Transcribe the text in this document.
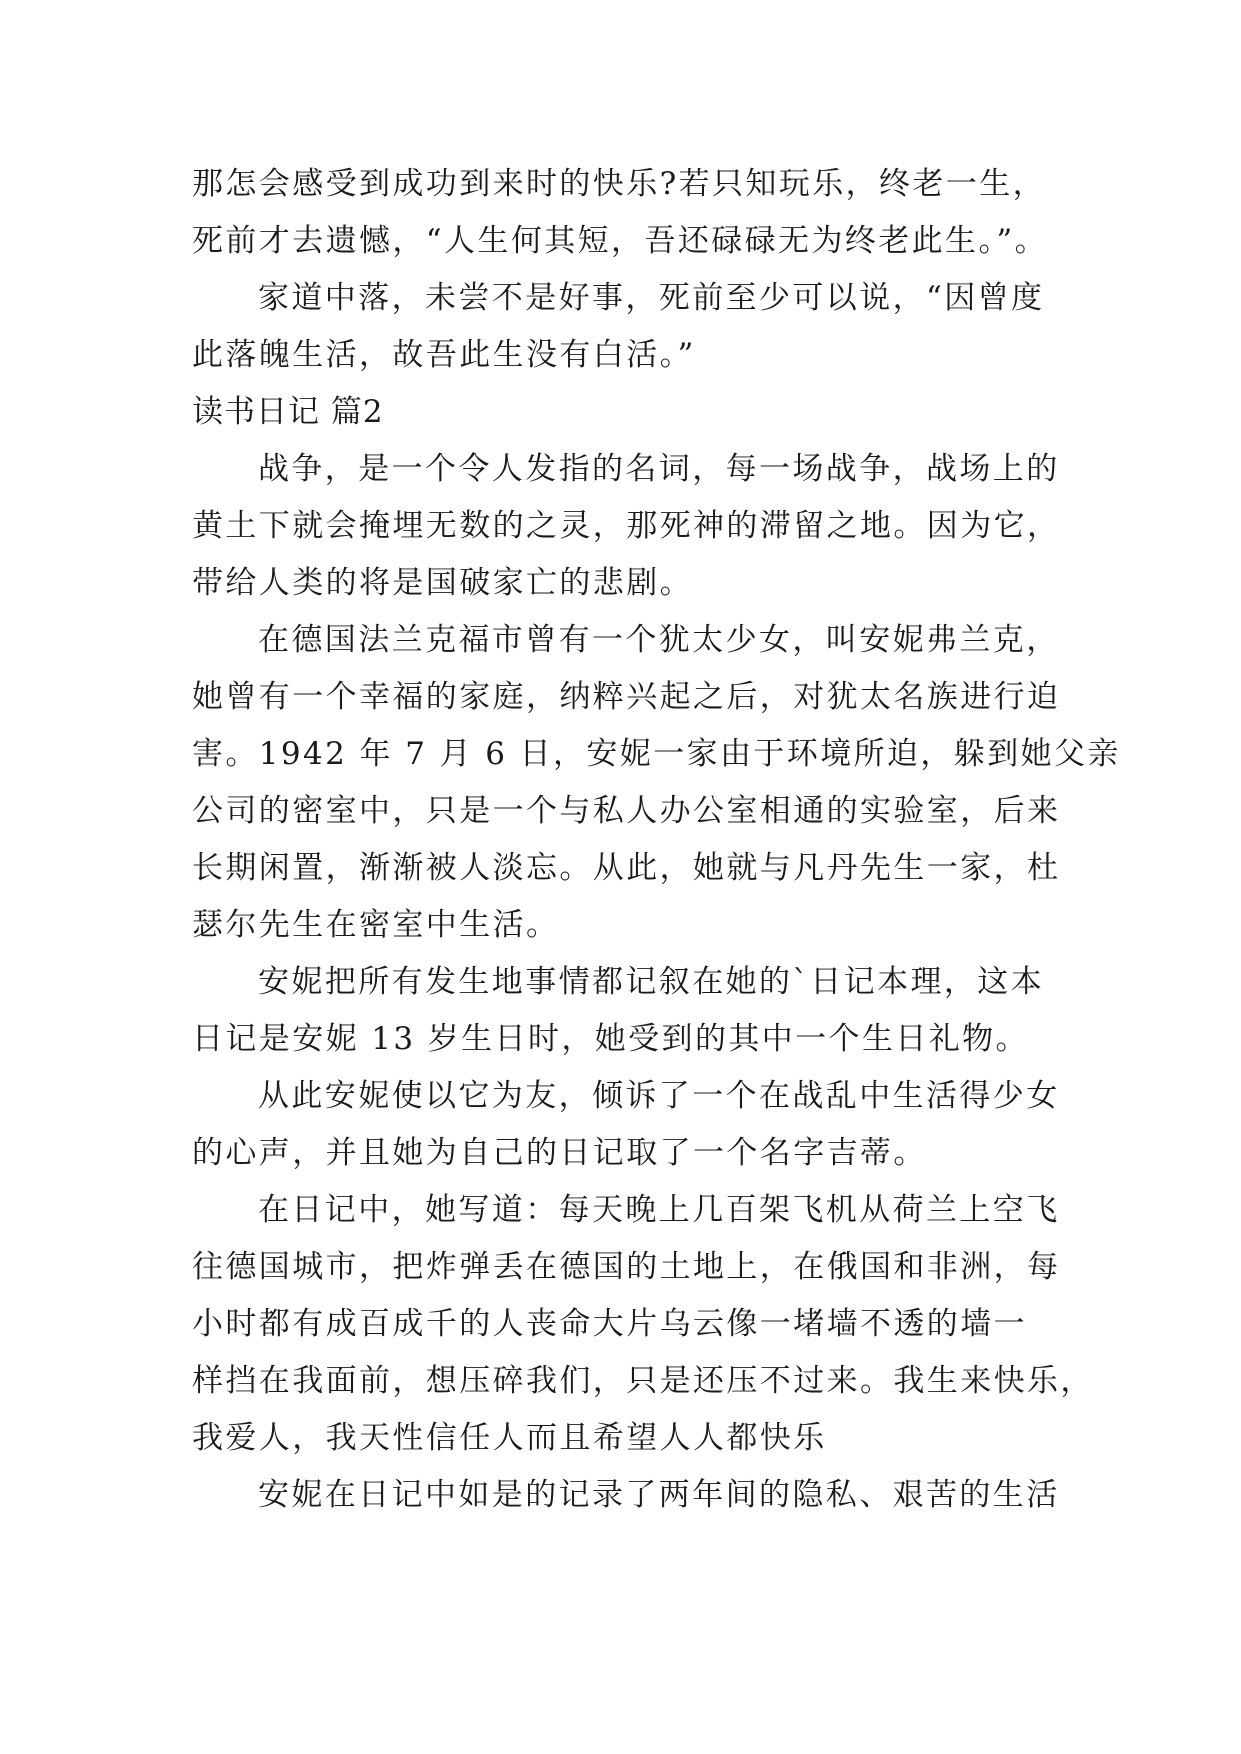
那怎会感受到成功到来时的快乐?若只知玩乐，终老一生，
死前才去遗憾，“人生何其短，吾还碌碌无为终老此生。”。
家道中落，未尝不是好事，死前至少可以说，“因曾度
此落魄生活，故吾此生没有白活。”
读书日记 篇2
战争，是一个令人发指的名词，每一场战争，战场上的
黄土下就会掩埋无数的之灵，那死神的滞留之地。因为它，
带给人类的将是国破家亡的悲剧。
在德国法兰克福市曾有一个犹太少女，叫安妮弗兰克，
她曾有一个幸福的家庭，纳粹兴起之后，对犹太名族进行迫
害。1942 年 7 月 6 日，安妮一家由于环境所迫，躲到她父亲
公司的密室中，只是一个与私人办公室相通的实验室，后来
长期闲置，渐渐被人淡忘。从此，她就与凡丹先生一家，杜
瑟尔先生在密室中生活。
安妮把所有发生地事情都记叙在她的`日记本理，这本
日记是安妮 13 岁生日时，她受到的其中一个生日礼物。
从此安妮使以它为友，倾诉了一个在战乱中生活得少女
的心声，并且她为自己的日记取了一个名字吉蒂。
在日记中，她写道：每天晚上几百架飞机从荷兰上空飞
往德国城市，把炸弹丢在德国的土地上，在俄国和非洲，每
小时都有成百成千的人丧命大片乌云像一堵墙不透的墙一
样挡在我面前，想压碎我们，只是还压不过来。我生来快乐，
我爱人，我天性信任人而且希望人人都快乐
安妮在日记中如是的记录了两年间的隐私、艰苦的生活
